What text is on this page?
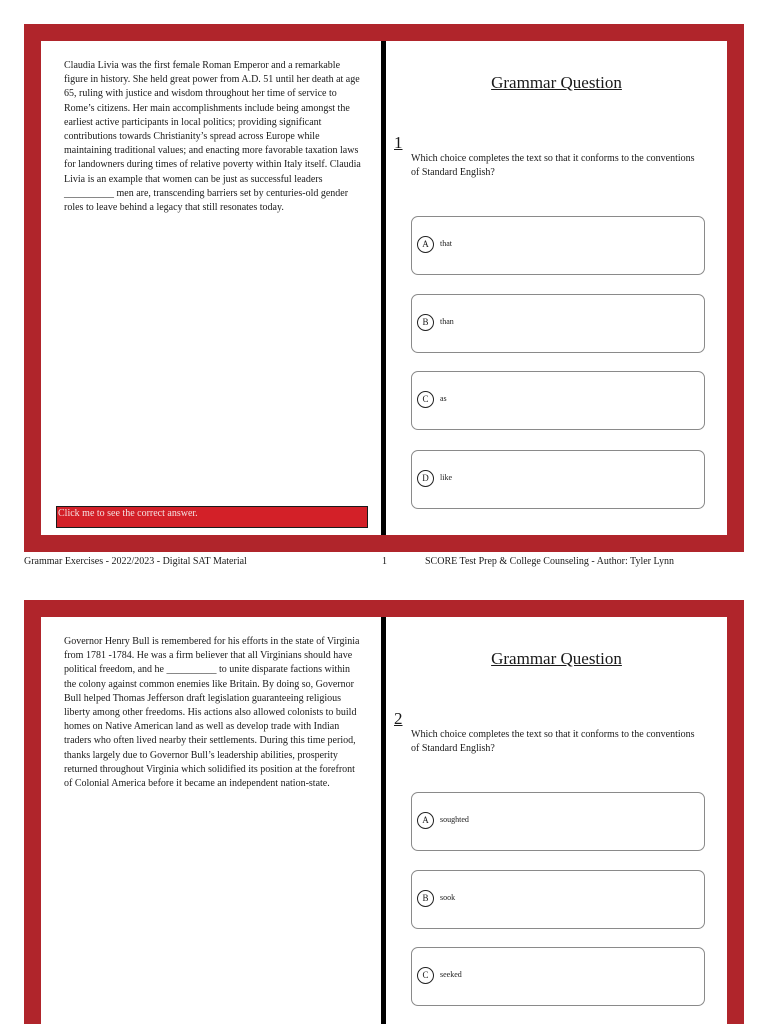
Claudia Livia was the first female Roman Emperor and a remarkable figure in history. She held great power from A.D. 51 until her death at age 65, ruling with justice and wisdom throughout her time of service to Rome’s citizens. Her main accomplishments include being amongst the earliest active participants in local politics; providing significant contributions towards Christianity’s spread across Europe while maintaining traditional values; and enacting more favorable taxation laws for landowners during times of relative poverty within Italy itself. Claudia Livia is an example that women can be just as successful leaders __________ men are, transcending barriers set by centuries-old gender roles to leave behind a legacy that still resonates today.

Click me to see the correct answer.
Grammar Question
1

Which choice completes the text so that it conforms to the conventions of Standard English?

A	that
B	than
C	as
D	like
Grammar Exercises - 2022/2023 - Digital SAT Material	1	SCORE Test Prep & College Counseling - Author: Tyler Lynn

Governor Henry Bull is remembered for his efforts in the state of Virginia from 1781 -1784. He was a firm believer that all Virginians should have political freedom, and he __________ to unite disparate factions within the colony against common enemies like Britain. By doing so, Governor Bull helped Thomas Jefferson draft legislation guaranteeing religious liberty among other freedoms. His actions also allowed colonists to build homes on Native American land as well as develop trade with Indian traders who often lived nearby their settlements. During this time period, thanks largely due to Governor Bull’s leadership abilities, prosperity returned throughout Virginia which solidified its position at the forefront of Colonial America before it became an independent nation-state.

Grammar Question
2

Which choice completes the text so that it conforms to the conventions of Standard English?

A	soughted
B	sook
C	seeked
